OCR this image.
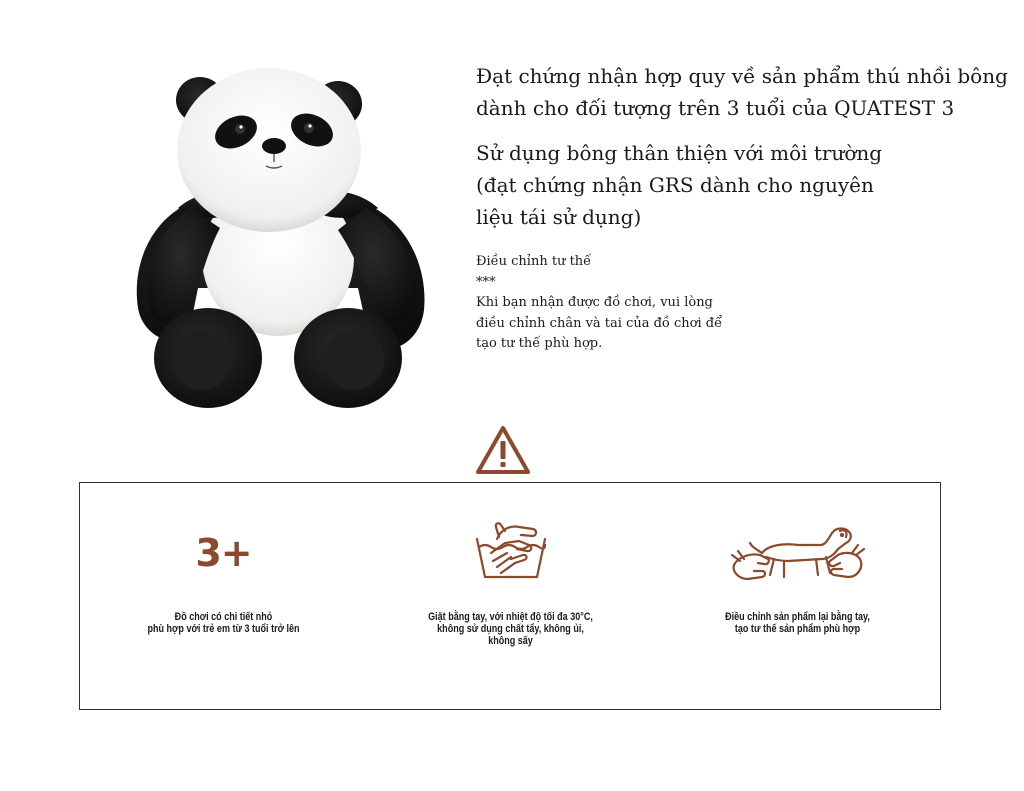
Đạt chứng nhận hợp quy về sản phẩm thú nhồi bông dành cho đối tượng trên 3 tuổi của QUATEST 3
Sử dụng bông thân thiện với môi trường (đạt chứng nhận GRS dành cho nguyên liệu tái sử dụng)
Điều chỉnh tư thế
***
Khi bạn nhận được đồ chơi, vui lòng
điều chỉnh chân và tai của đồ chơi để
tạo tư thế phù hợp.
3+
Đồ chơi có chi tiết nhỏ
phù hợp với trẻ em từ 3 tuổi trở lên
Giặt bằng tay, với nhiệt độ tối đa 30°C,
không sử dụng chất tẩy, không ủi,
không sấy
Điều chỉnh sản phẩm lại bằng tay,
tạo tư thế sản phẩm phù hợp
